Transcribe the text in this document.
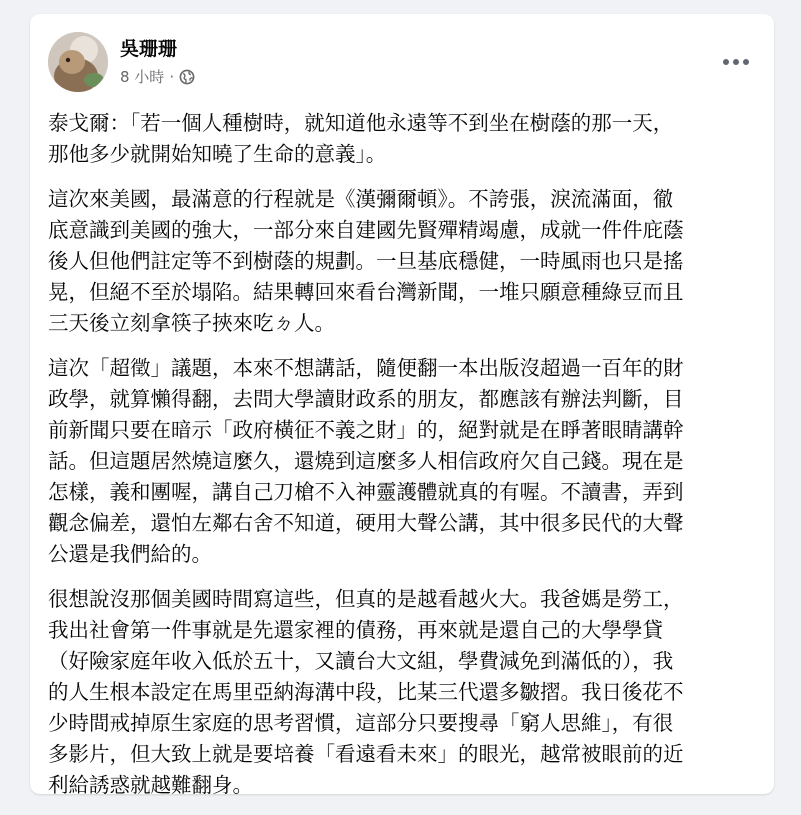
吳珊珊
8 小時 ·

泰戈爾：「若一個人種樹時，就知道他永遠等不到坐在樹蔭的那一天，
那他多少就開始知曉了生命的意義」。

這次來美國，最滿意的行程就是《漢彌爾頓》。不誇張，淚流滿面，徹
底意識到美國的強大，一部分來自建國先賢殫精竭慮，成就一件件庇蔭
後人但他們註定等不到樹蔭的規劃。一旦基底穩健，一時風雨也只是搖
晃，但絕不至於塌陷。結果轉回來看台灣新聞，一堆只願意種綠豆而且
三天後立刻拿筷子挾來吃ㄉ人。

這次「超徵」議題，本來不想講話，隨便翻一本出版沒超過一百年的財
政學，就算懶得翻，去問大學讀財政系的朋友，都應該有辦法判斷，目
前新聞只要在暗示「政府橫征不義之財」的，絕對就是在睜著眼睛講幹
話。但這題居然燒這麼久，還燒到這麼多人相信政府欠自己錢。現在是
怎樣，義和團喔，講自己刀槍不入神靈護體就真的有喔。不讀書，弄到
觀念偏差，還怕左鄰右舍不知道，硬用大聲公講，其中很多民代的大聲
公還是我們給的。

很想說沒那個美國時間寫這些，但真的是越看越火大。我爸媽是勞工，
我出社會第一件事就是先還家裡的債務，再來就是還自己的大學學貸
（好險家庭年收入低於五十，又讀台大文組，學費減免到滿低的），我
的人生根本設定在馬里亞納海溝中段，比某三代還多皺摺。我日後花不
少時間戒掉原生家庭的思考習慣，這部分只要搜尋「窮人思維」，有很
多影片，但大致上就是要培養「看遠看未來」的眼光，越常被眼前的近
利給誘惑就越難翻身。
